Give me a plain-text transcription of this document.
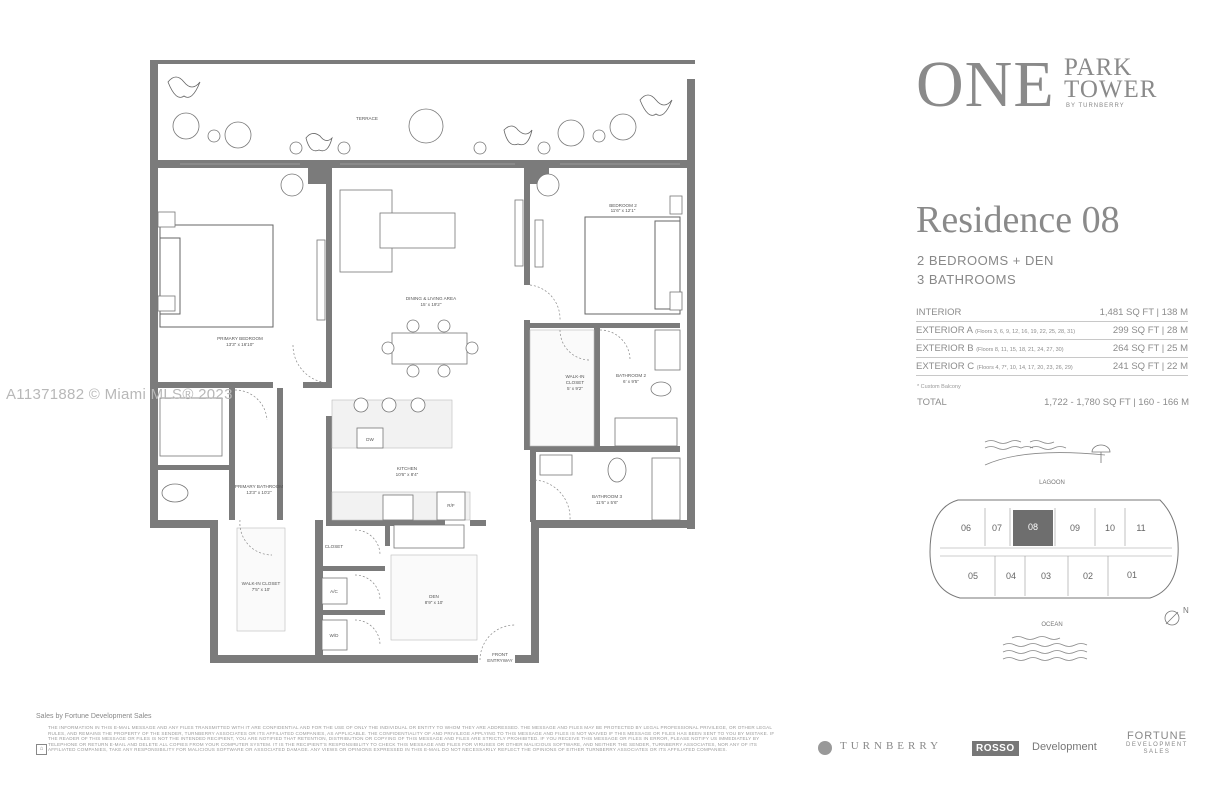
TERRACE
DINING & LIVING AREA
15' x 19'2"
PRIMARY BEDROOM
13'3" x 16'10"
BEDROOM 2
11'6" x 12'1"
WALK-IN
CLOSET
5' x 9'2"
BATHROOM 2
6' x 9'5"
KITCHEN
10'6" x 8'4"
PRIMARY BATHROOM
13'3" x 10'2"
BATHROOM 3
11'6" x 5'6"
WALK-IN CLOSET
7'5" x 10'
CLOSET
DEN
8'9" x 10'
A/C
W/D
DW
R/F
FRONT
ENTRYWAY
A11371882 © Miami MLS® 2023
ONE PARK
TOWER
BY TURNBERRY
Residence 08
2 BEDROOMS + DEN
3 BATHROOMS
INTERIOR	1,481 SQ FT | 138 M
EXTERIOR A (Floors 3, 6, 9, 12, 16, 19, 22, 25, 28, 31)	299 SQ FT | 28 M
EXTERIOR B (Floors 8, 11, 15, 18, 21, 24, 27, 30)	264 SQ FT | 25 M
EXTERIOR C (Floors 4, 7*, 10, 14, 17, 20, 23, 26, 29)	241 SQ FT | 22 M
* Custom Balcony
TOTAL	1,722 - 1,780 SQ FT | 160 - 166 M
LAGOON
06 07	08	09	10 11
05	04	03	02	01
OCEAN
N
Sales by Fortune Development Sales
⌂
THE INFORMATION IN THIS E-MAIL MESSAGE AND ANY FILES TRANSMITTED WITH IT ARE CONFIDENTIAL AND FOR THE USE OF ONLY THE INDIVIDUAL OR ENTITY TO WHOM THEY ARE ADDRESSED. THE MESSAGE AND FILES MAY BE PROTECTED BY LEGAL PROFESSIONAL PRIVILEGE, OR OTHER LEGAL RULES, AND REMAINS THE PROPERTY OF THE SENDER, TURNBERRY ASSOCIATES OR ITS AFFILIATED COMPANIES, AS APPLICABLE. THE CONFIDENTIALITY OF AND PRIVILEGE APPLYING TO THIS MESSAGE AND FILES IS NOT WAIVED IF THIS MESSAGE OR FILES HAS BEEN SENT TO YOU BY MISTAKE. IF THE READER OF THIS MESSAGE OR FILES IS NOT THE INTENDED RECIPIENT, YOU ARE NOTIFIED THAT RETENTION, DISTRIBUTION OR COPYING OF THIS MESSAGE AND FILES ARE STRICTLY PROHIBITED. IF YOU RECEIVE THIS MESSAGE OR FILES IN ERROR, PLEASE NOTIFY US IMMEDIATELY BY TELEPHONE OR RETURN E-MAIL AND DELETE ALL COPIES FROM YOUR COMPUTER SYSTEM. IT IS THE RECIPIENT'S RESPONSIBILITY TO CHECK THIS MESSAGE AND FILES FOR VIRUSES OR OTHER MALICIOUS SOFTWARE, AND NEITHER THE SENDER, TURNBERRY ASSOCIATES, NOR ANY OF ITS AFFILIATED COMPANIES, TAKE ANY RESPONSIBILITY FOR MALICIOUS SOFTWARE OR ASSOCIATED DAMAGE. ANY VIEWS OR OPINIONS EXPRESSED IN THIS E-MAIL DO NOT NECESSARILY REFLECT THE OPINIONS OF EITHER TURNBERRY ASSOCIATES OR ITS AFFILIATED COMPANIES.	TURNBERRY	ROSSO	Development
FORTUNE
DEVELOPMENT
SALES
